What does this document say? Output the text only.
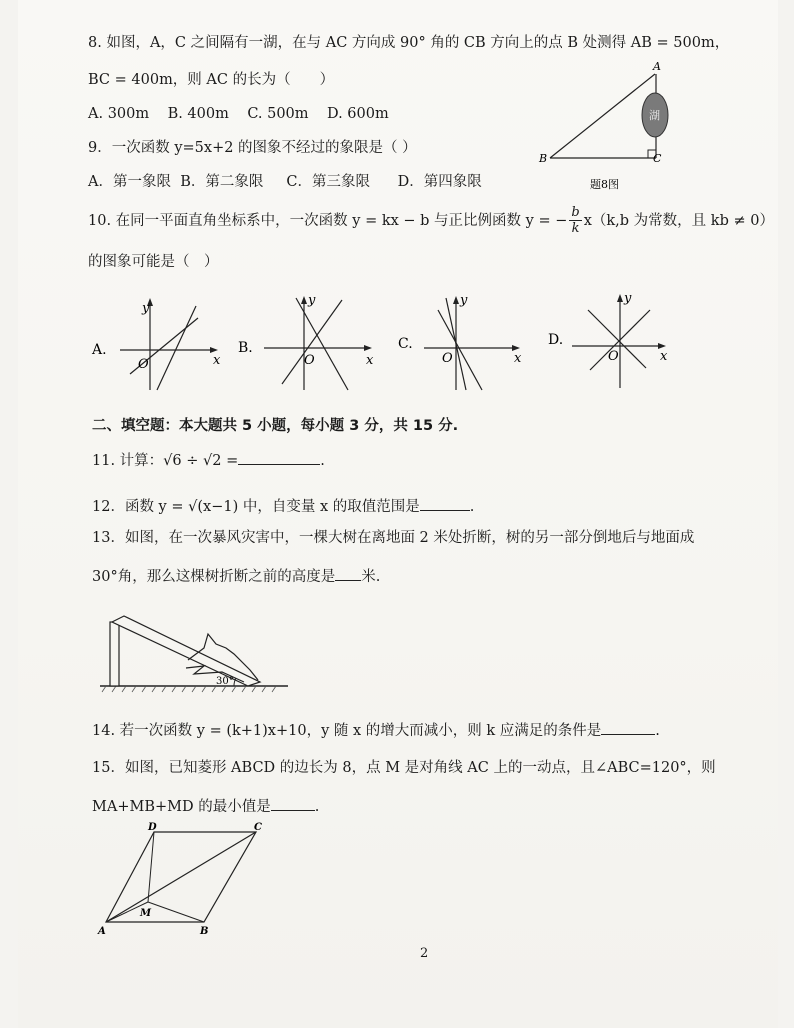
8. 如图，A，C 之间隔有一湖，在与 AC 方向成 90° 角的 CB 方向上的点 B 处测得 AB = 500m，
BC = 400m，则 AC 的长为（　　）
A. 300m B. 400m C. 500m D. 600m	湖
A
B	C
题8图
9．一次函数 y=5x+2 的图象不经过的象限是（ ）
A．第一象限 B．第二象限 C．第三象限 D．第四象限
10. 在同一平面直角坐标系中，一次函数 y = kx − b 与正比例函数 y = − $\frac{b}{k} x(k,b$ 为常数，且 kb ≠ 0）
的图象可能是（　）
A.
y
O	x
B.
y
O	x
C.
y
O	x
D.
y
O	x
二、填空题：本大题共 5 小题，每小题 3 分，共 15 分.
11. 计算：√6 ÷ √2 =	.
12．函数 y = √(x−1) 中，自变量 x 的取值范围是	.
13．如图，在一次暴风灾害中，一棵大树在离地面 2 米处折断，树的另一部分倒地后与地面成
30°角，那么这棵树折断之前的高度是 米.
30°
14. 若一次函数 y = (k+1)x+10，y 随 x 的增大而减小，则 k 应满足的条件是	.
15．如图，已知菱形 ABCD 的边长为 8，点 M 是对角线 AC 上的一动点，且∠ABC=120°，则
MA+MB+MD 的最小值是	.
A	B
C
D
M
2
